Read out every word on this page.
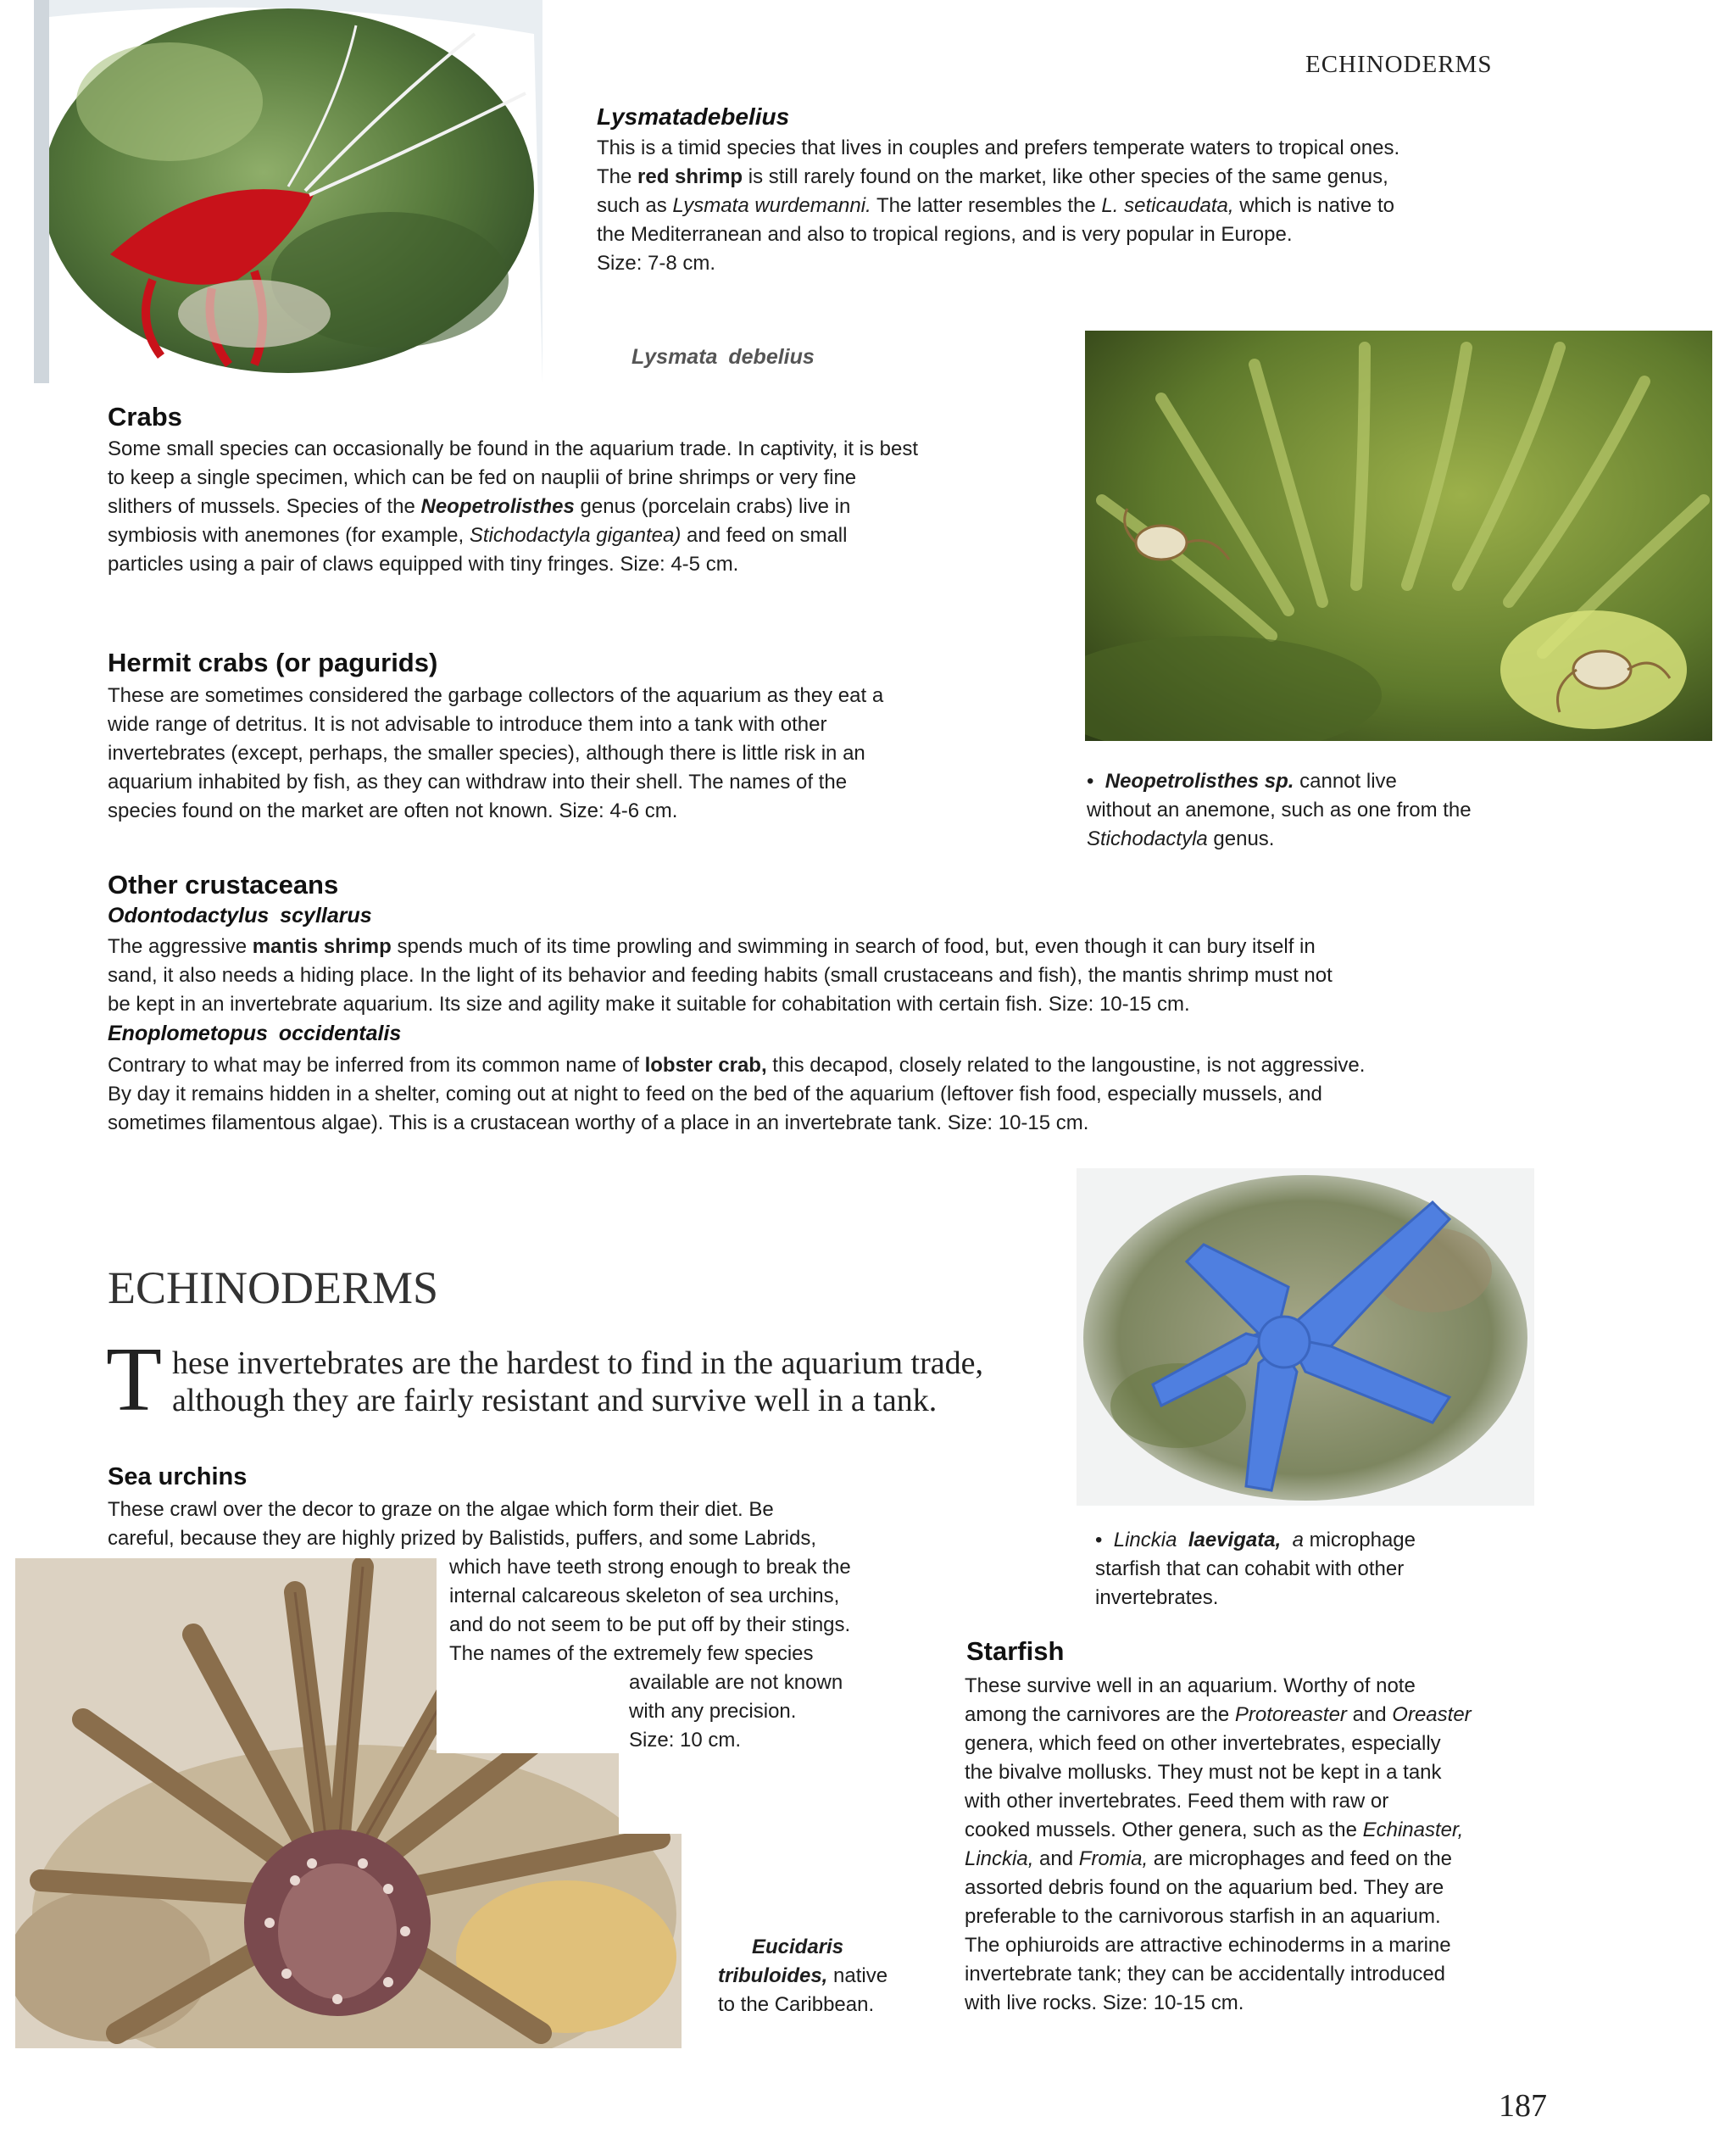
ECHINODERMS
Lysmatadebelius

This is a timid species that lives in couples and prefers temperate waters to tropical ones.

The red shrimp is still rarely found on the market, like other species of the same genus,

such as Lysmata wurdemanni. The latter resembles the L. seticaudata, which is native to

the Mediterranean and also to tropical regions, and is very popular in Europe.

Size: 7-8 cm.

Lysmata debelius
Crabs

Some small species can occasionally be found in the aquarium trade. In captivity, it is best

to keep a single specimen, which can be fed on nauplii of brine shrimps or very fine

slithers of mussels. Species of the Neopetrolisthes genus (porcelain crabs) live in

symbiosis with anemones (for example, Stichodactyla gigantea) and feed on small

particles using a pair of claws equipped with tiny fringes. Size: 4-5 cm.

Hermit crabs (or pagurids)

These are sometimes considered the garbage collectors of the aquarium as they eat a

wide range of detritus. It is not advisable to introduce them into a tank with other

invertebrates (except, perhaps, the smaller species), although there is little risk in an

aquarium inhabited by fish, as they can withdraw into their shell. The names of the

species found on the market are often not known. Size: 4-6 cm.

• Neopetrolisthes sp. cannot live
without an anemone, such as one from the
Stichodactyla genus.
Other crustaceans
Odontodactylus scyllarus

The aggressive mantis shrimp spends much of its time prowling and swimming in search of food, but, even though it can bury itself in

sand, it also needs a hiding place. In the light of its behavior and feeding habits (small crustaceans and fish), the mantis shrimp must not

be kept in an invertebrate aquarium. Its size and agility make it suitable for cohabitation with certain fish. Size: 10-15 cm.

Enoplometopus occidentalis

Contrary to what may be inferred from its common name of lobster crab, this decapod, closely related to the langoustine, is not aggressive.

By day it remains hidden in a shelter, coming out at night to feed on the bed of the aquarium (leftover fish food, especially mussels, and

sometimes filamentous algae). This is a crustacean worthy of a place in an invertebrate tank. Size: 10-15 cm.

ECHINODERMS
T hese invertebrates are the hardest to find in the aquarium trade,
although they are fairly resistant and survive well in a tank.
Sea urchins

These crawl over the decor to graze on the algae which form their diet. Be

careful, because they are highly prized by Balistids, puffers, and some Labrids,

which have teeth strong enough to break the

internal calcareous skeleton of sea urchins,

and do not seem to be put off by their stings.

The names of the extremely few species

available are not known

with any precision.

Size: 10 cm.

Eucidaris
tribuloides, native
to the Caribbean.
• Linckia laevigata, a microphage
starfish that can cohabit with other
invertebrates.
Starfish

These survive well in an aquarium. Worthy of note

among the carnivores are the Protoreaster and Oreaster

genera, which feed on other invertebrates, especially

the bivalve mollusks. They must not be kept in a tank

with other invertebrates. Feed them with raw or

cooked mussels. Other genera, such as the Echinaster,

Linckia, and Fromia, are microphages and feed on the

assorted debris found on the aquarium bed. They are

preferable to the carnivorous starfish in an aquarium.

The ophiuroids are attractive echinoderms in a marine

invertebrate tank; they can be accidentally introduced

with live rocks. Size: 10-15 cm.

187
